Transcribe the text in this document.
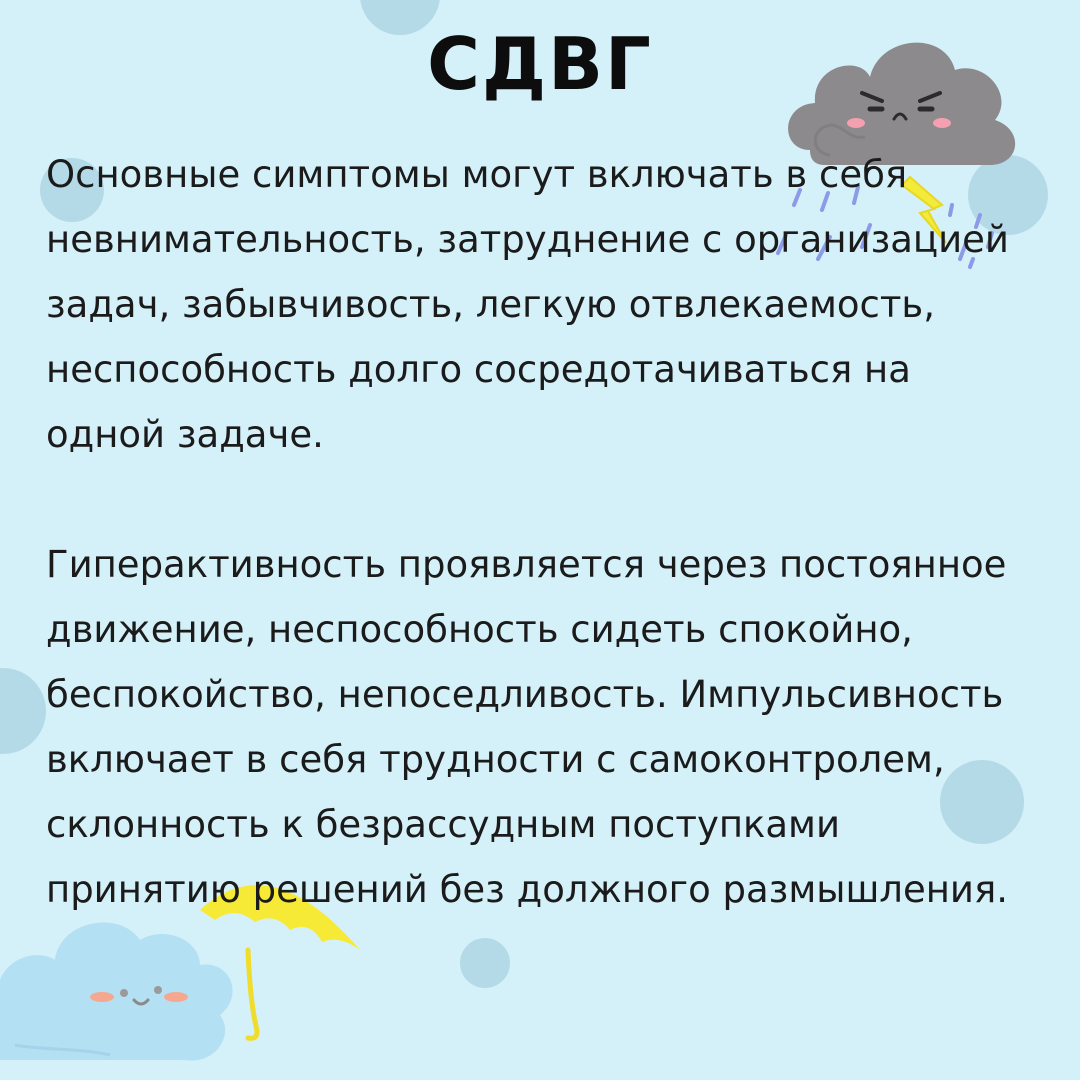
СДВГ

Основные симптомы могут включать в себя невнимательность, затруднение с организацией задач, забывчивость, легкую отвлекаемость, неспособность долго сосредотачиваться на одной задаче.

Гиперактивность проявляется через постоянное движение, неспособность сидеть спокойно, беспокойство, непоседливость. Импульсивность включает в себя трудности с самоконтролем, склонность к безрассудным поступками принятию решений без должного размышления.
